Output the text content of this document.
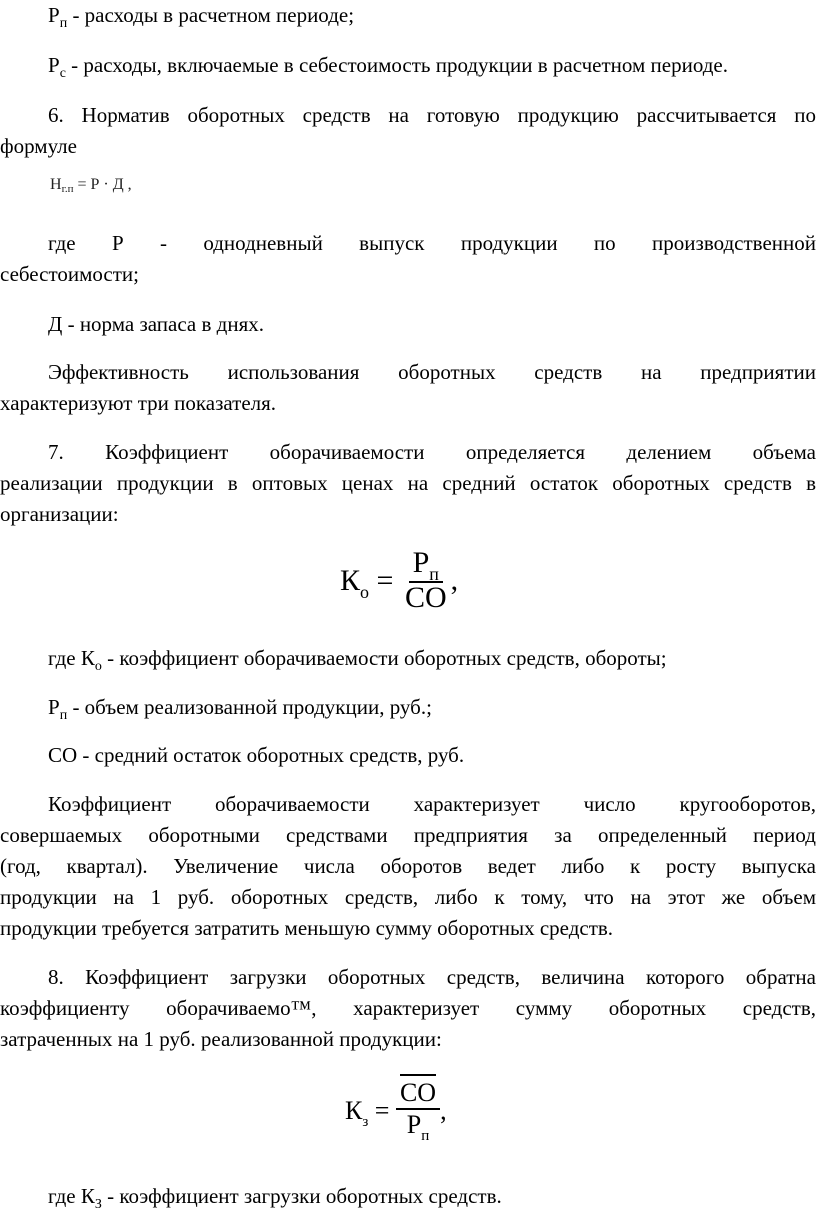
$P_п$ - расходы в расчетном периоде;
$P_с$ - расходы, включаемые в себестоимость продукции в расчетном периоде.
6. Норматив оборотных средств на готовую продукцию рассчитывается по
формуле
Нг.п = Р · Д ,
где Р - однодневный выпуск продукции по производственной
себестоимости;
Д - норма запаса в днях.
Эффективность использования оборотных средств на предприятии
характеризуют три показателя.
7. Коэффициент оборачиваемости определяется делением объема
реализации продукции в оптовых ценах на средний остаток оборотных средств в
организации:
$К_о = \frac{Р_п}{СО}$ ,
где $К_о$ - коэффициент оборачиваемости оборотных средств, обороты;
$Р_п$ - объем реализованной продукции, руб.;
СО - средний остаток оборотных средств, руб.
Коэффициент оборачиваемости характеризует число кругооборотов,
совершаемых оборотными средствами предприятия за определенный период
(год, квартал). Увеличение числа оборотов ведет либо к росту выпуска
продукции на 1 руб. оборотных средств, либо к тому, что на этот же объем
продукции требуется затратить меньшую сумму оборотных средств.
8. Коэффициент загрузки оборотных средств, величина которого обратна
коэффициенту оборачиваемо™, характеризует сумму оборотных средств,
затраченных на 1 руб. реализованной продукции:
$К_з = \frac{СО}{Р_п}$ ,
где $К_З$ - коэффициент загрузки оборотных средств.
